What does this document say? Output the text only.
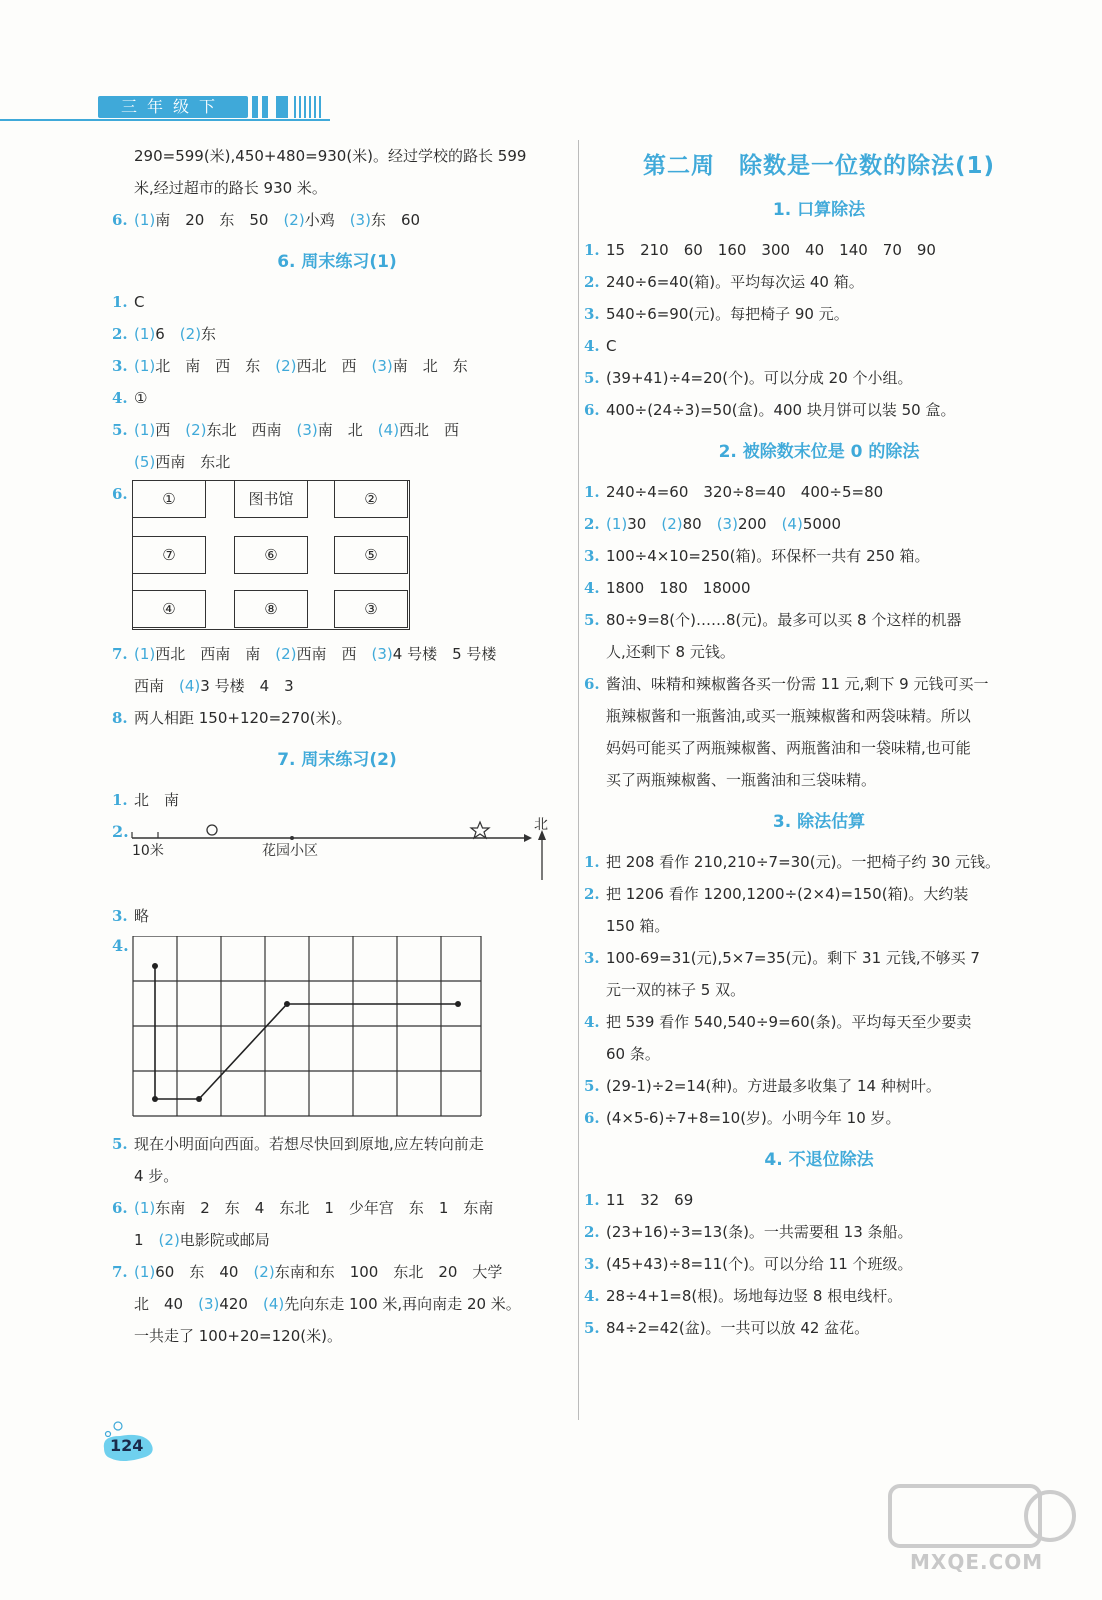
三年级下
290=599(米),450+480=930(米)。经过学校的路长 599
米,经过超市的路长 930 米。
6. (1)南　20　东　50　(2)小鸡　(3)东　60
6. 周末练习(1)
1. C
2. (1)6　(2)东
3. (1)北　南　西　东　(2)西北　西　(3)南　北　东
4. ①
5. (1)西　(2)东北　西南　(3)南　北　(4)西北　西
(5)西南　东北
6.	①	图书馆	②
⑦	⑥	⑤
④	⑧	③
7. (1)西北　西南　南　(2)西南　西　(3)4 号楼　5 号楼
西南　(4)3 号楼　4　3
8. 两人相距 150+120=270(米)。
7. 周末练习(2)
1. 北　南
2.
10米	花园小区
北
3. 略
4.
5. 现在小明面向西面。若想尽快回到原地,应左转向前走
4 步。
6. (1)东南　2　东　4　东北　1　少年宫　东　1　东南
1　(2)电影院或邮局
7. (1)60　东　40　(2)东南和东　100　东北　20　大学
北　40　(3)420　(4)先向东走 100 米,再向南走 20 米。
一共走了 100+20=120(米)。
第二周　除数是一位数的除法(1)
1. 口算除法
1. 15　210　60　160　300　40　140　70　90
2. 240÷6=40(箱)。平均每次运 40 箱。
3. 540÷6=90(元)。每把椅子 90 元。
4. C
5. (39+41)÷4=20(个)。可以分成 20 个小组。
6. 400÷(24÷3)=50(盒)。400 块月饼可以装 50 盒。
2. 被除数末位是 0 的除法
1. 240÷4=60　320÷8=40　400÷5=80
2. (1)30　(2)80　(3)200　(4)5000
3. 100÷4×10=250(箱)。环保杯一共有 250 箱。
4. 1800　180　18000
5. 80÷9=8(个)……8(元)。最多可以买 8 个这样的机器
人,还剩下 8 元钱。
6. 酱油、味精和辣椒酱各买一份需 11 元,剩下 9 元钱可买一
瓶辣椒酱和一瓶酱油,或买一瓶辣椒酱和两袋味精。所以
妈妈可能买了两瓶辣椒酱、两瓶酱油和一袋味精,也可能
买了两瓶辣椒酱、一瓶酱油和三袋味精。
3. 除法估算
1. 把 208 看作 210,210÷7=30(元)。一把椅子约 30 元钱。
2. 把 1206 看作 1200,1200÷(2×4)=150(箱)。大约装
150 箱。
3. 100-69=31(元),5×7=35(元)。剩下 31 元钱,不够买 7
元一双的袜子 5 双。
4. 把 539 看作 540,540÷9=60(条)。平均每天至少要卖
60 条。
5. (29-1)÷2=14(种)。方进最多收集了 14 种树叶。
6. (4×5-6)÷7+8=10(岁)。小明今年 10 岁。
4. 不退位除法
1. 11　32　69
2. (23+16)÷3=13(条)。一共需要租 13 条船。
3. (45+43)÷8=11(个)。可以分给 11 个班级。
4. 28÷4+1=8(根)。场地每边竖 8 根电线杆。
5. 84÷2=42(盆)。一共可以放 42 盆花。
124
MXQE.COM
